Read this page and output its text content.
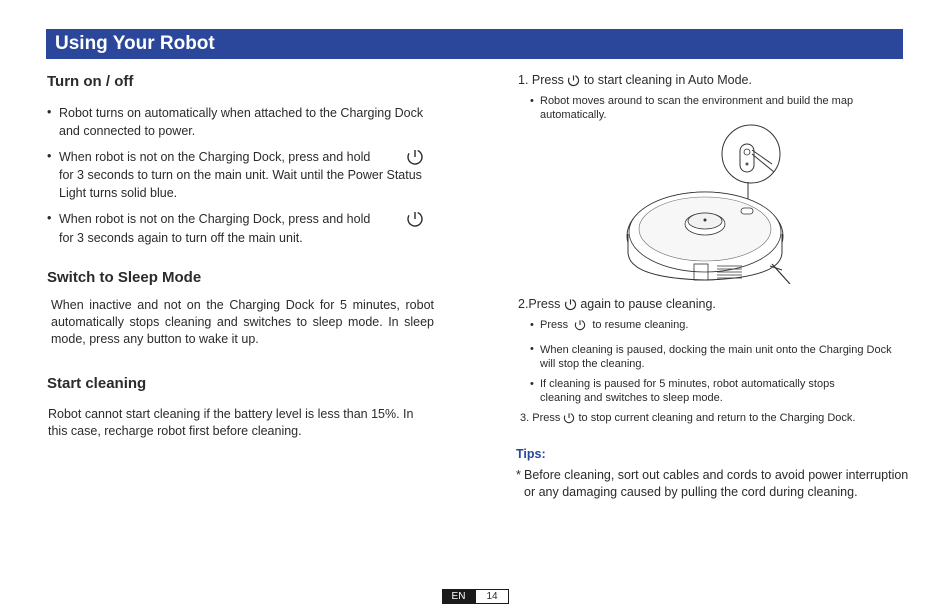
Using Your Robot
Turn on / off
• Robot turns on automatically when attached to the Charging Dock and connected to power.
• When robot is not on the Charging Dock, press and hold
for 3 seconds to turn on the main unit. Wait until the Power Status Light turns solid blue.
• When robot is not on the Charging Dock, press and hold
for 3 seconds again to turn off the main unit.
Switch to Sleep Mode
When inactive and not on the Charging Dock for 5 minutes, robot automatically stops cleaning and switches to sleep mode. In sleep mode, press any button to wake it up.
Start cleaning
Robot cannot start cleaning if the battery level is less than 15%. In this case, recharge robot first before cleaning.
1. Press to start cleaning in Auto Mode.
• Robot moves around to scan the environment and build the map automatically.
2.Press again to pause cleaning.
• Press to resume cleaning.
• When cleaning is paused, docking the main unit onto the Charging Dock will stop the cleaning.
• If cleaning is paused for 5 minutes, robot automatically stops cleaning and switches to sleep mode.
3. Press to stop current cleaning and return to the Charging Dock.
Tips:
* Before cleaning, sort out cables and cords to avoid power interruption or any damaging caused by pulling the cord during cleaning.
EN	14
